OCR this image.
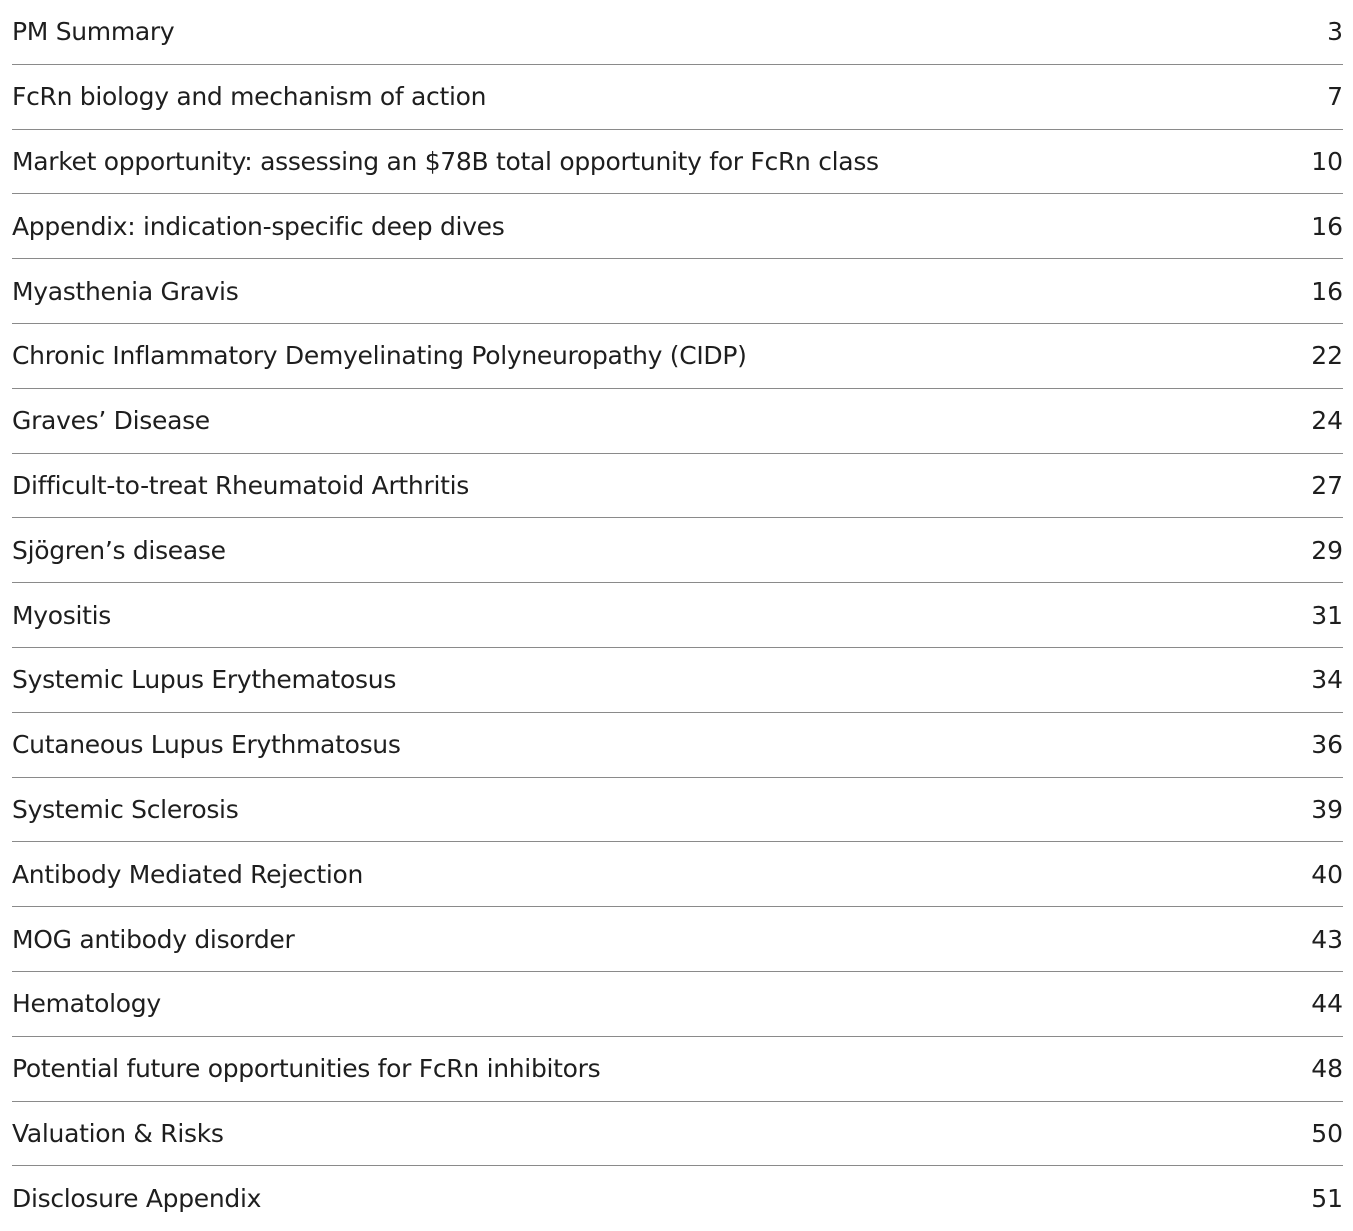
PM Summary	3
FcRn biology and mechanism of action	7
Market opportunity: assessing an $78B total opportunity for FcRn class	10
Appendix: indication-specific deep dives	16
Myasthenia Gravis	16
Chronic Inflammatory Demyelinating Polyneuropathy (CIDP)	22
Graves’ Disease	24
Difficult-to-treat Rheumatoid Arthritis	27
Sjögren’s disease	29
Myositis	31
Systemic Lupus Erythematosus	34
Cutaneous Lupus Erythmatosus	36
Systemic Sclerosis	39
Antibody Mediated Rejection	40
MOG antibody disorder	43
Hematology	44
Potential future opportunities for FcRn inhibitors	48
Valuation & Risks	50
Disclosure Appendix	51
